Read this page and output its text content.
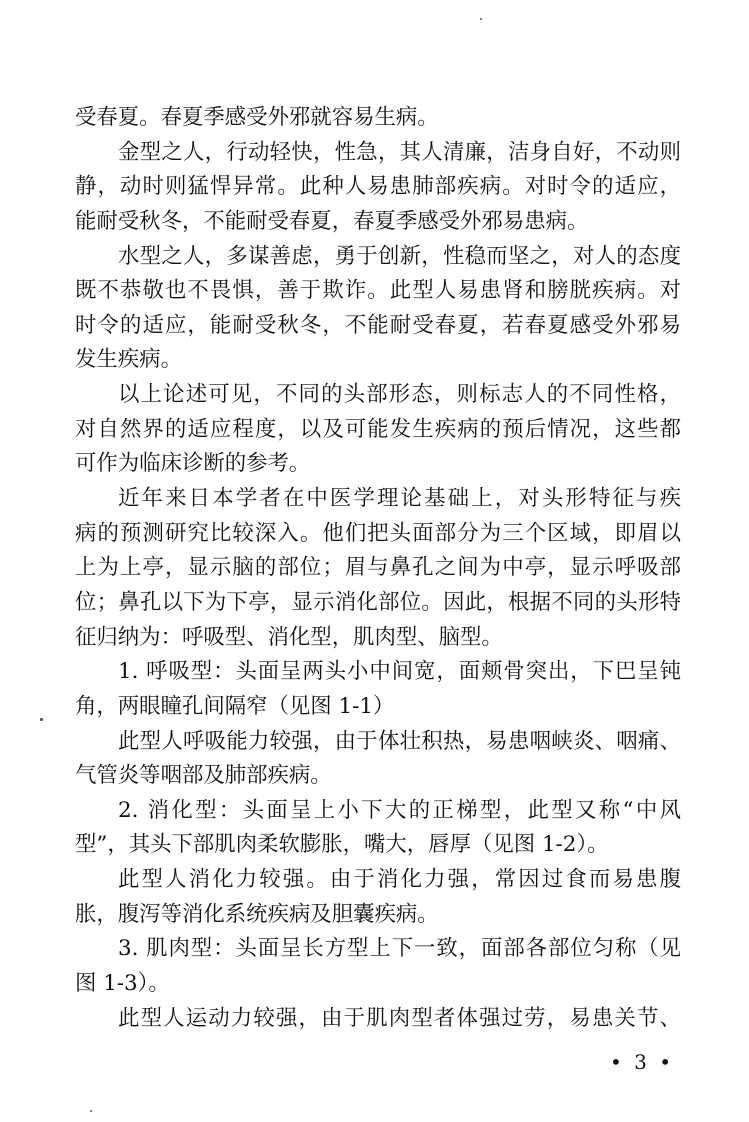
受春夏。春夏季感受外邪就容易生病。
金型之人，行动轻快，性急，其人清廉，洁身自好，不动则
静，动时则猛悍异常。此种人易患肺部疾病。对时令的适应，
能耐受秋冬，不能耐受春夏，春夏季感受外邪易患病。
水型之人，多谋善虑，勇于创新，性稳而坚之，对人的态度
既不恭敬也不畏惧，善于欺诈。此型人易患肾和膀胱疾病。对
时令的适应，能耐受秋冬，不能耐受春夏，若春夏感受外邪易
发生疾病。
以上论述可见，不同的头部形态，则标志人的不同性格，
对自然界的适应程度，以及可能发生疾病的预后情况，这些都
可作为临床诊断的参考。
近年来日本学者在中医学理论基础上，对头形特征与疾
病的预测研究比较深入。他们把头面部分为三个区域，即眉以
上为上亭，显示脑的部位；眉与鼻孔之间为中亭，显示呼吸部
位；鼻孔以下为下亭，显示消化部位。因此，根据不同的头形特
征归纳为：呼吸型、消化型，肌肉型、脑型。
1. 呼吸型：头面呈两头小中间宽，面颊骨突出，下巴呈钝
角，两眼瞳孔间隔窄（见图 1-1）
此型人呼吸能力较强，由于体壮积热，易患咽峡炎、咽痛、
气管炎等咽部及肺部疾病。
2. 消化型：头面呈上小下大的正梯型，此型又称“中风
型”，其头下部肌肉柔软膨胀，嘴大，唇厚（见图 1-2）。
此型人消化力较强。由于消化力强，常因过食而易患腹
胀，腹泻等消化系统疾病及胆囊疾病。
3. 肌肉型：头面呈长方型上下一致，面部各部位匀称（见
图 1-3）。
此型人运动力较强，由于肌肉型者体强过劳，易患关节、
• 3 •
